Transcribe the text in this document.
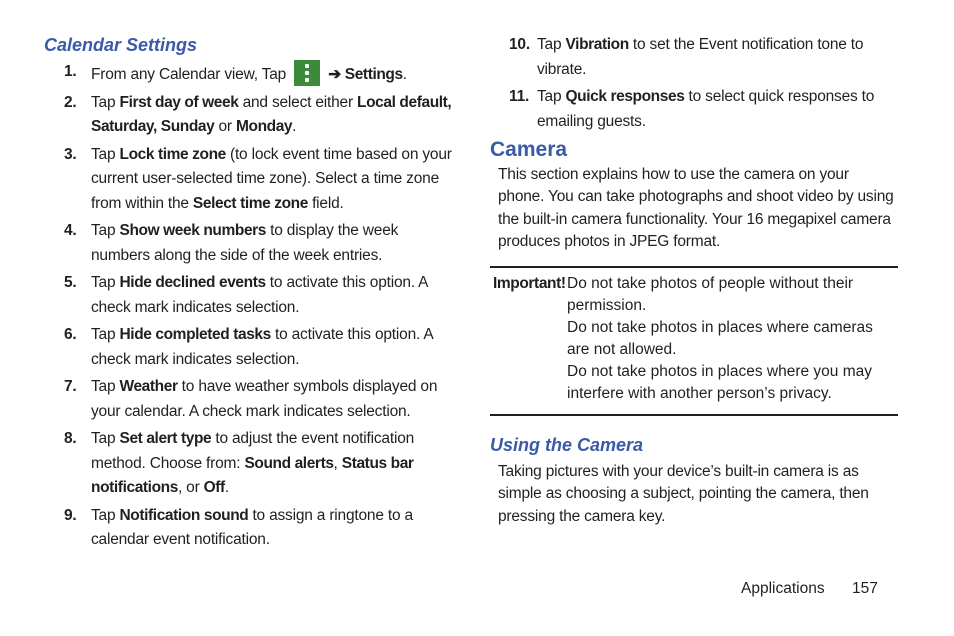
Calendar Settings
1. From any Calendar view, Tap	➔ Settings.
2. Tap First day of week and select either Local default, Saturday, Sunday or Monday.
3. Tap Lock time zone (to lock event time based on your current user-selected time zone). Select a time zone from within the Select time zone field.
4. Tap Show week numbers to display the week numbers along the side of the week entries.
5. Tap Hide declined events to activate this option. A check mark indicates selection.
6. Tap Hide completed tasks to activate this option. A check mark indicates selection.
7. Tap Weather to have weather symbols displayed on your calendar. A check mark indicates selection.
8. Tap Set alert type to adjust the event notification method. Choose from: Sound alerts, Status bar notifications, or Off.
9. Tap Notification sound to assign a ringtone to a calendar event notification.
10. Tap Vibration to set the Event notification tone to vibrate.
11. Tap Quick responses to select quick responses to emailing guests.
Camera

This section explains how to use the camera on your phone. You can take photographs and shoot video by using the built-in camera functionality. Your 16 megapixel camera produces photos in JPEG format.

Important! Do not take photos of people without their permission.
Do not take photos in places where cameras are not allowed.
Do not take photos in places where you may interfere with another person’s privacy.
Using the Camera

Taking pictures with your device’s built-in camera is as simple as choosing a subject, pointing the camera, then pressing the camera key.

Applications 157
